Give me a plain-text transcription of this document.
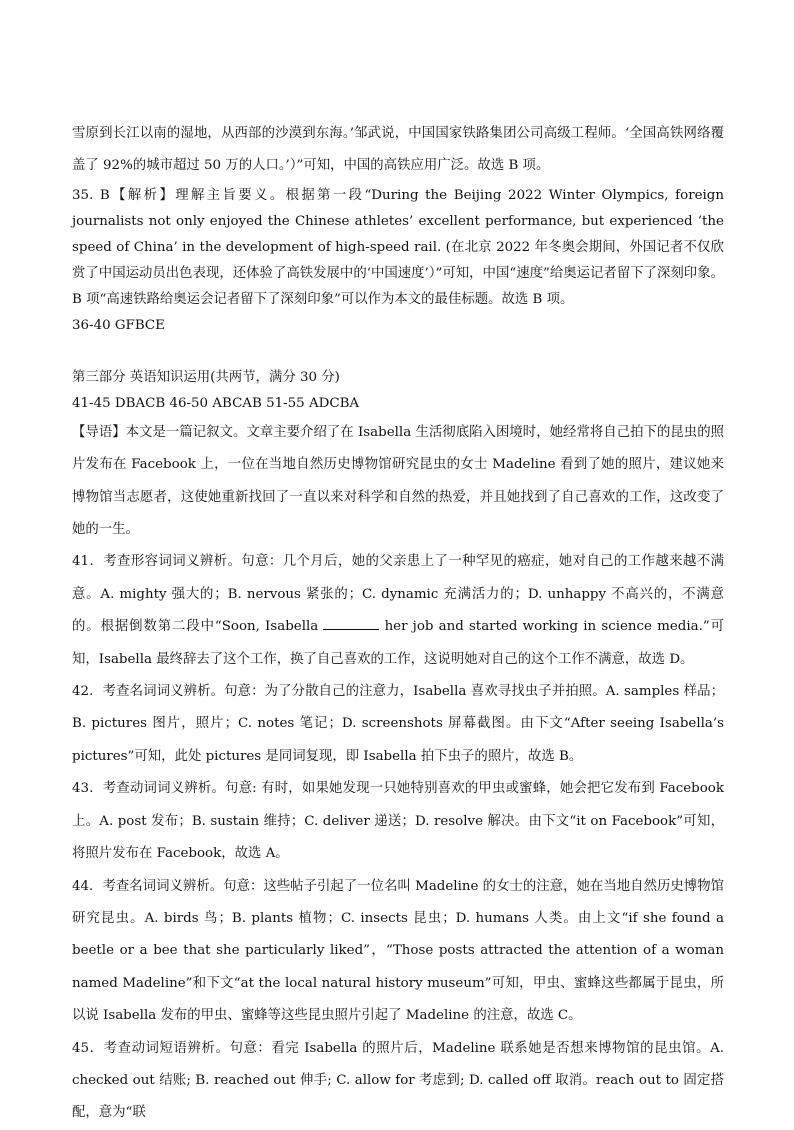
雪原到长江以南的湿地，从西部的沙漠到东海。’邹武说，中国国家铁路集团公司高级工程师。‘全国高铁网络覆盖了 92%的城市超过 50 万的人口。’）”可知，中国的高铁应用广泛。故选 B 项。

35. B【解析】理解主旨要义。根据第一段“During the Beijing 2022 Winter Olympics, foreign journalists not only enjoyed the Chinese athletes’ excellent performance, but experienced ‘the speed of China’ in the development of high-speed rail. (在北京 2022 年冬奥会期间，外国记者不仅欣赏了中国运动员出色表现，还体验了高铁发展中的‘中国速度’）”可知，中国“速度”给奥运记者留下了深刻印象。B 项“高速铁路给奥运会记者留下了深刻印象”可以作为本文的最佳标题。故选 B 项。

36-40 GFBCE

第三部分 英语知识运用(共两节，满分 30 分)

41-45 DBACB 46-50 ABCAB 51-55 ADCBA

【导语】本文是一篇记叙文。文章主要介绍了在 Isabella 生活彻底陷入困境时，她经常将自己拍下的昆虫的照片发布在 Facebook 上，一位在当地自然历史博物馆研究昆虫的女士 Madeline 看到了她的照片，建议她来博物馆当志愿者，这使她重新找回了一直以来对科学和自然的热爱，并且她找到了自己喜欢的工作，这改变了她的一生。

41．考查形容词词义辨析。句意：几个月后，她的父亲患上了一种罕见的癌症，她对自己的工作越来越不满意。A. mighty 强大的；B. nervous 紧张的；C. dynamic 充满活力的；D. unhappy 不高兴的，不满意的。根据倒数第二段中“Soon, Isabella	her job and started working in science media.”可知，Isabella 最终辞去了这个工作，换了自己喜欢的工作，这说明她对自己的这个工作不满意，故选 D。

42．考查名词词义辨析。句意：为了分散自己的注意力，Isabella 喜欢寻找虫子并拍照。A. samples 样品；B. pictures 图片，照片；C. notes 笔记；D. screenshots 屏幕截图。由下文“After seeing Isabella’s pictures”可知，此处 pictures 是同词复现，即 Isabella 拍下虫子的照片，故选 B。

43．考查动词词义辨析。句意: 有时，如果她发现一只她特别喜欢的甲虫或蜜蜂，她会把它发布到 Facebook 上。A. post 发布；B. sustain 维持；C. deliver 递送；D. resolve 解决。由下文“it on Facebook”可知，将照片发布在 Facebook，故选 A。

44．考查名词词义辨析。句意：这些帖子引起了一位名叫 Madeline 的女士的注意，她在当地自然历史博物馆研究昆虫。A. birds 鸟；B. plants 植物；C. insects 昆虫；D. humans 人类。由上文“if she found a beetle or a bee that she particularly liked”，“Those posts attracted the attention of a woman named Madeline”和下文“at the local natural history museum”可知，甲虫、蜜蜂这些都属于昆虫，所以说 Isabella 发布的甲虫、蜜蜂等这些昆虫照片引起了 Madeline 的注意，故选 C。

45．考查动词短语辨析。句意：看完 Isabella 的照片后，Madeline 联系她是否想来博物馆的昆虫馆。A. checked out 结账; B. reached out 伸手; C. allow for 考虑到; D. called off 取消。reach out to 固定搭配，意为“联
